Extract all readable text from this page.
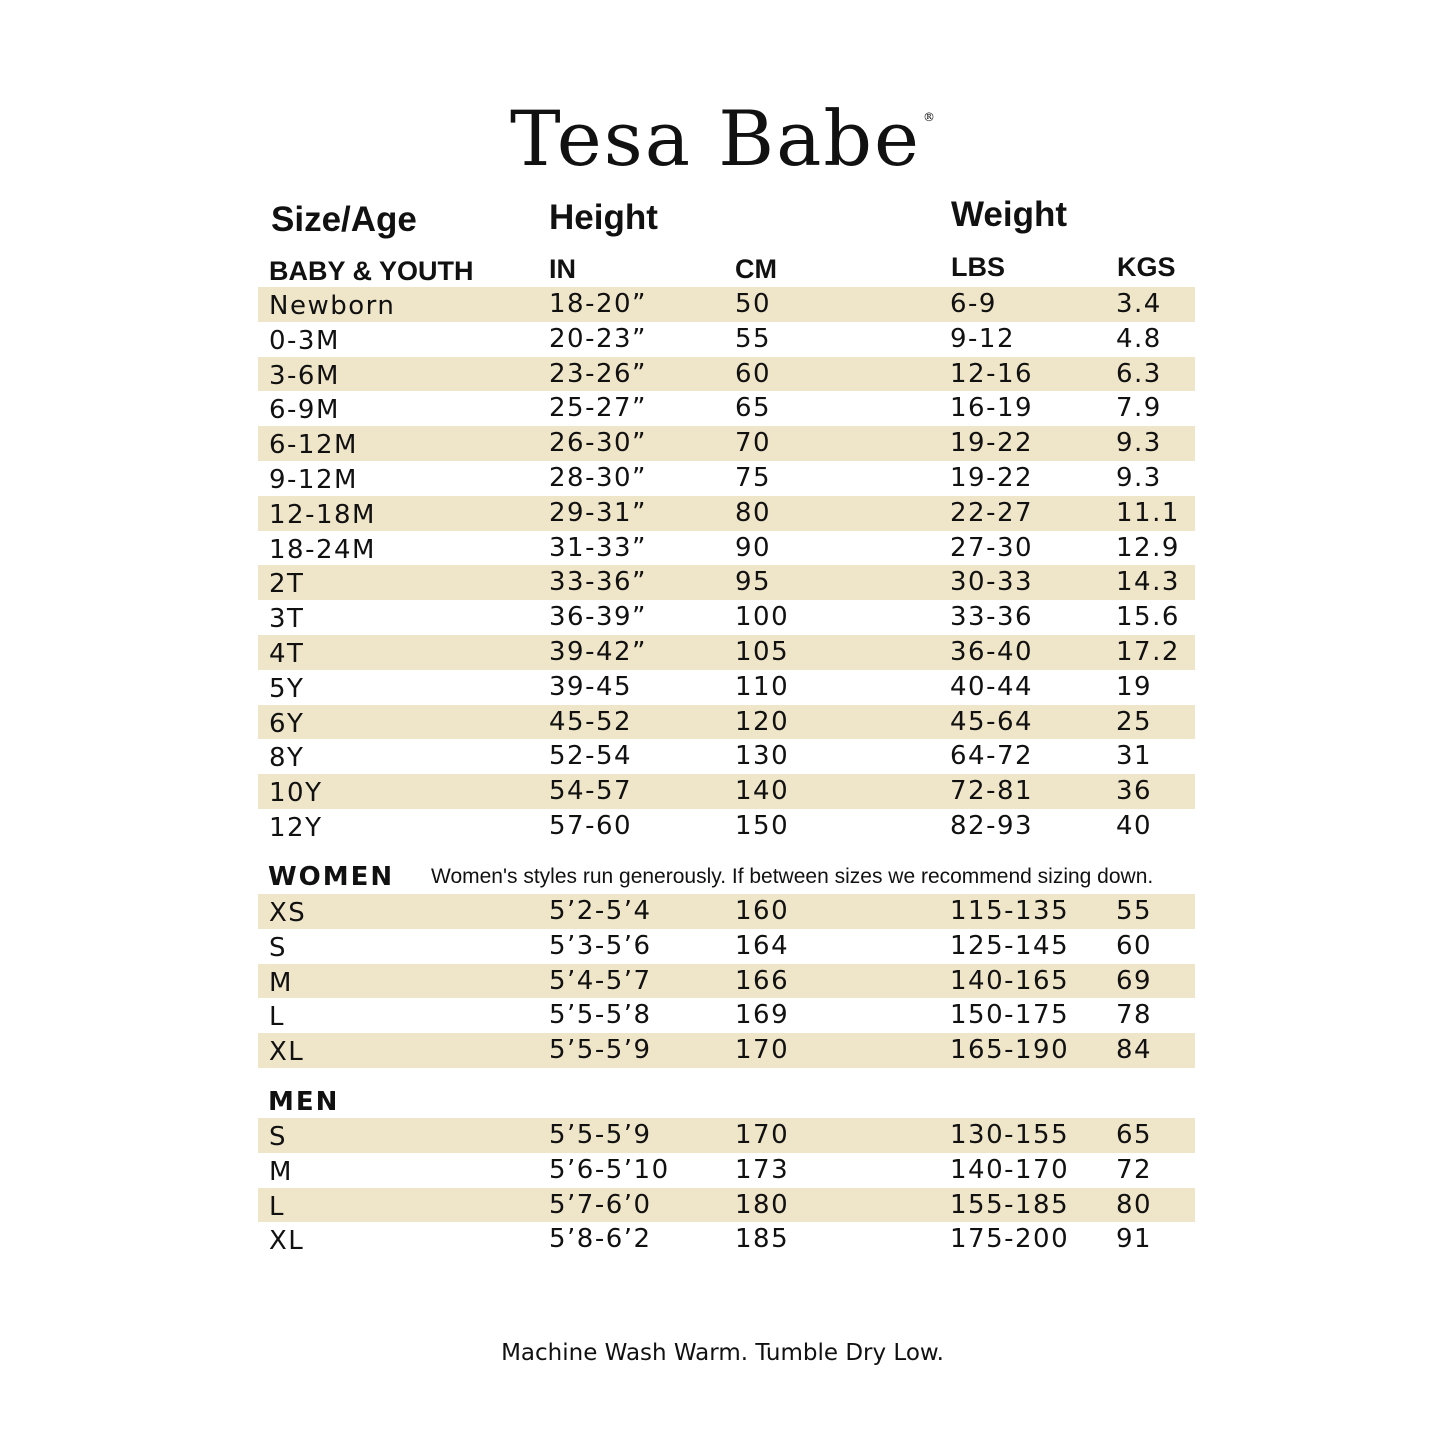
Tesa Babe ®
Size/Age	Height	Weight
BABY & YOUTH	IN	CM	LBS	KGS
Newborn	18-20”	50	6-9	3.4
0-3M	20-23”	55	9-12	4.8
3-6M	23-26”	60	12-16	6.3
6-9M	25-27”	65	16-19	7.9
6-12M	26-30”	70	19-22	9.3
9-12M	28-30”	75	19-22	9.3
12-18M	29-31”	80	22-27	11.1
18-24M	31-33”	90	27-30	12.9
2T	33-36”	95	30-33	14.3
3T	36-39”	100	33-36	15.6
4T	39-42”	105	36-40	17.2
5Y	39-45	110	40-44	19
6Y	45-52	120	45-64	25
8Y	52-54	130	64-72	31
10Y	54-57	140	72-81	36
12Y	57-60	150	82-93	40
WOMEN Women's styles run generously. If between sizes we recommend sizing down.
XS	5’2-5’4	160	115-135 55
S	5’3-5’6	164	125-145 60
M	5’4-5’7	166	140-165 69
L	5’5-5’8	169	150-175 78
XL	5’5-5’9	170	165-190 84
MEN
S	5’5-5’9	170	130-155 65
M	5’6-5’10	173	140-170 72
L	5’7-6’0	180	155-185 80
XL	5’8-6’2	185	175-200 91
Machine Wash Warm. Tumble Dry Low.
